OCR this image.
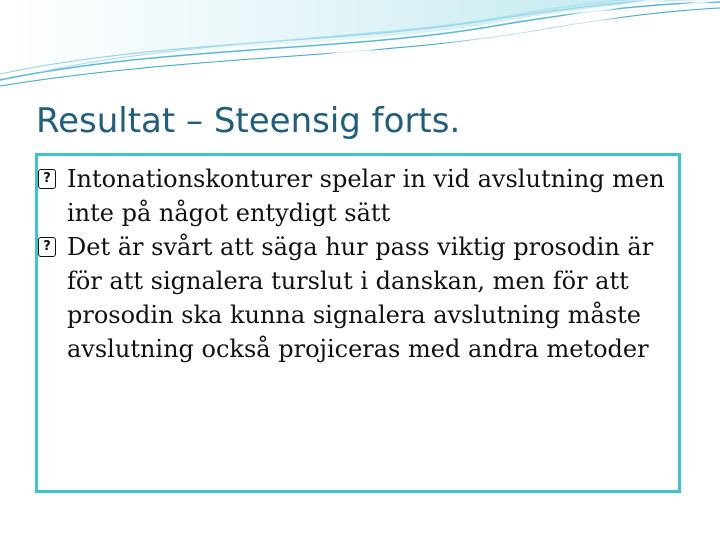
Resultat – Steensig forts.
? Intonationskonturer spelar in vid avslutning men inte på något entydigt sätt
? Det är svårt att säga hur pass viktig prosodin är för att signalera turslut i danskan, men för att prosodin ska kunna signalera avslutning måste avslutning också projiceras med andra metoder
